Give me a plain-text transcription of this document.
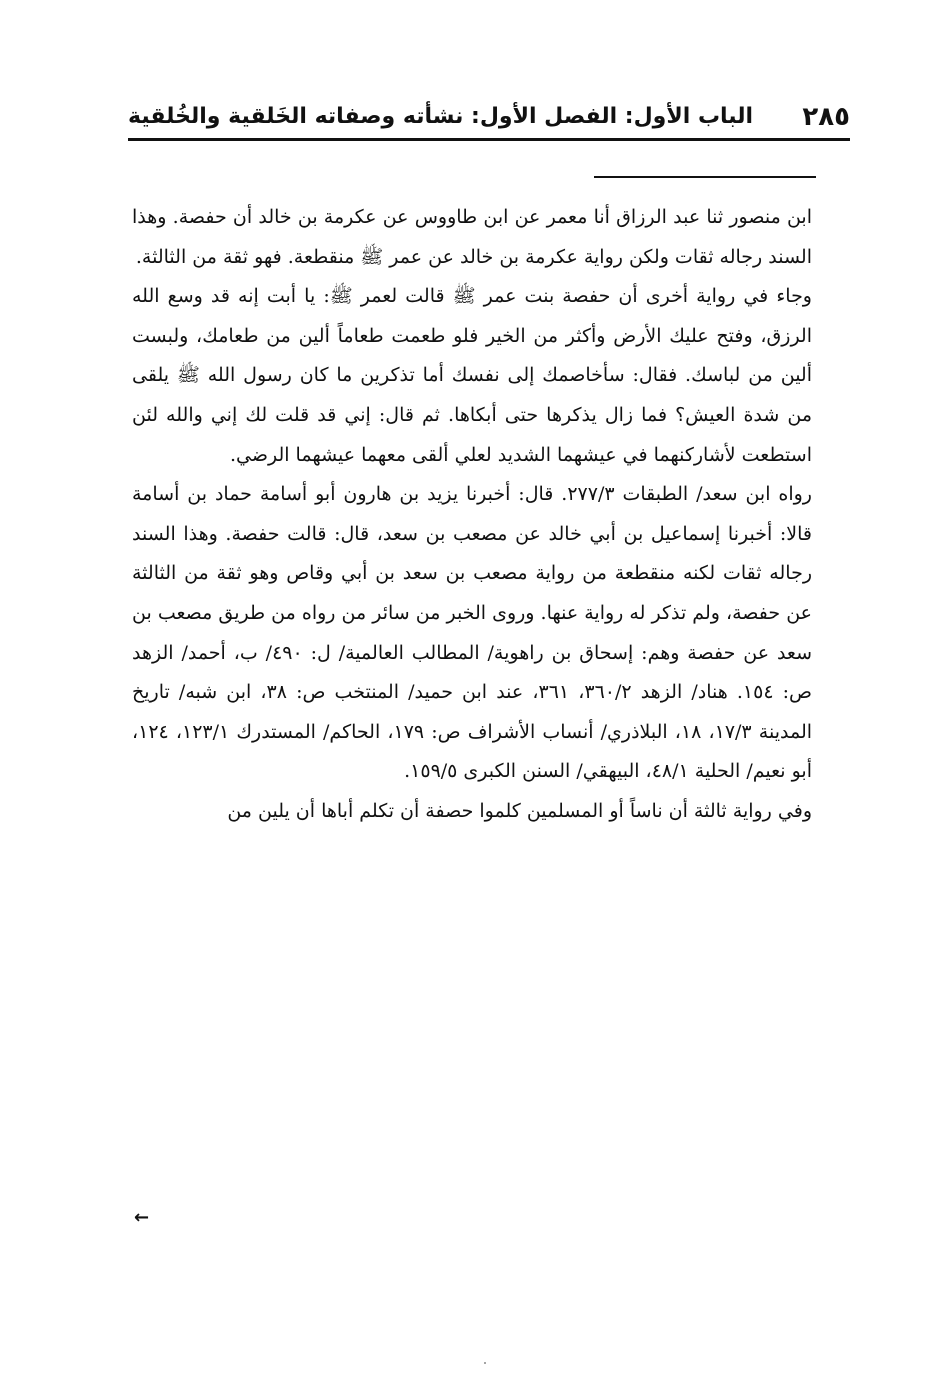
٢٨٥
الباب الأول: الفصل الأول: نشأته وصفاته الخَلقية والخُلقية

ابن منصور ثنا عبد الرزاق أنا معمر عن ابن طاووس عن عكرمة بن خالد أن حفصة. وهذا السند رجاله ثقات ولكن رواية عكرمة بن خالد عن عمر ﷺ منقطعة. فهو ثقة من الثالثة.

وجاء في رواية أخرى أن حفصة بنت عمر ﷺ قالت لعمر ﷺ: يا أبت إنه قد وسع الله الرزق، وفتح عليك الأرض وأكثر من الخير فلو طعمت طعاماً ألين من طعامك، ولبست ألين من لباسك. فقال: سأخاصمك إلى نفسك أما تذكرين ما كان رسول الله ﷺ يلقى من شدة العيش؟ فما زال يذكرها حتى أبكاها. ثم قال: إني قد قلت لك إني والله لئن استطعت لأشاركنهما في عيشهما الشديد لعلي ألقى معهما عيشهما الرضي.

رواه ابن سعد/ الطبقات ٢٧٧/٣. قال: أخبرنا يزيد بن هارون أبو أسامة حماد بن أسامة قالا: أخبرنا إسماعيل بن أبي خالد عن مصعب بن سعد، قال: قالت حفصة. وهذا السند رجاله ثقات لكنه منقطعة من رواية مصعب بن سعد بن أبي وقاص وهو ثقة من الثالثة عن حفصة، ولم تذكر له رواية عنها. وروى الخبر من سائر من رواه من طريق مصعب بن سعد عن حفصة وهم: إسحاق بن راهوية/ المطالب العالمية/ ل: ٤٩٠/ ب، أحمد/ الزهد ص: ١٥٤. هناد/ الزهد ٣٦٠/٢، ٣٦١، عند ابن حميد/ المنتخب ص: ٣٨، ابن شبه/ تاريخ المدينة ١٧/٣، ١٨، البلاذري/ أنساب الأشراف ص: ١٧٩، الحاكم/ المستدرك ١٢٣/١، ١٢٤، أبو نعيم/ الحلية ٤٨/١، البيهقي/ السنن الكبرى ١٥٩/٥.

وفي رواية ثالثة أن ناساً أو المسلمين كلموا حصفة أن تكلم أباها أن يلين من

←
